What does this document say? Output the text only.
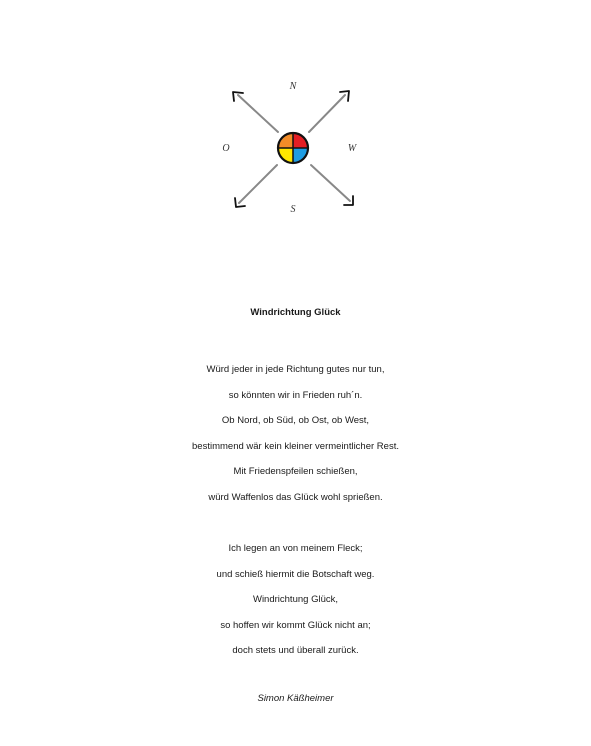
N
O	W
S

Windrichtung Glück

Würd jeder in jede Richtung gutes nur tun,

so könnten wir in Frieden ruh´n.

Ob Nord, ob Süd, ob Ost, ob West,

bestimmend wär kein kleiner vermeintlicher Rest.

Mit Friedenspfeilen schießen,

würd Waffenlos das Glück wohl sprießen.

Ich legen an von meinem Fleck;

und schieß hiermit die Botschaft weg.

Windrichtung Glück,

so hoffen wir kommt Glück nicht an;

doch stets und überall zurück.

Simon Käßheimer
